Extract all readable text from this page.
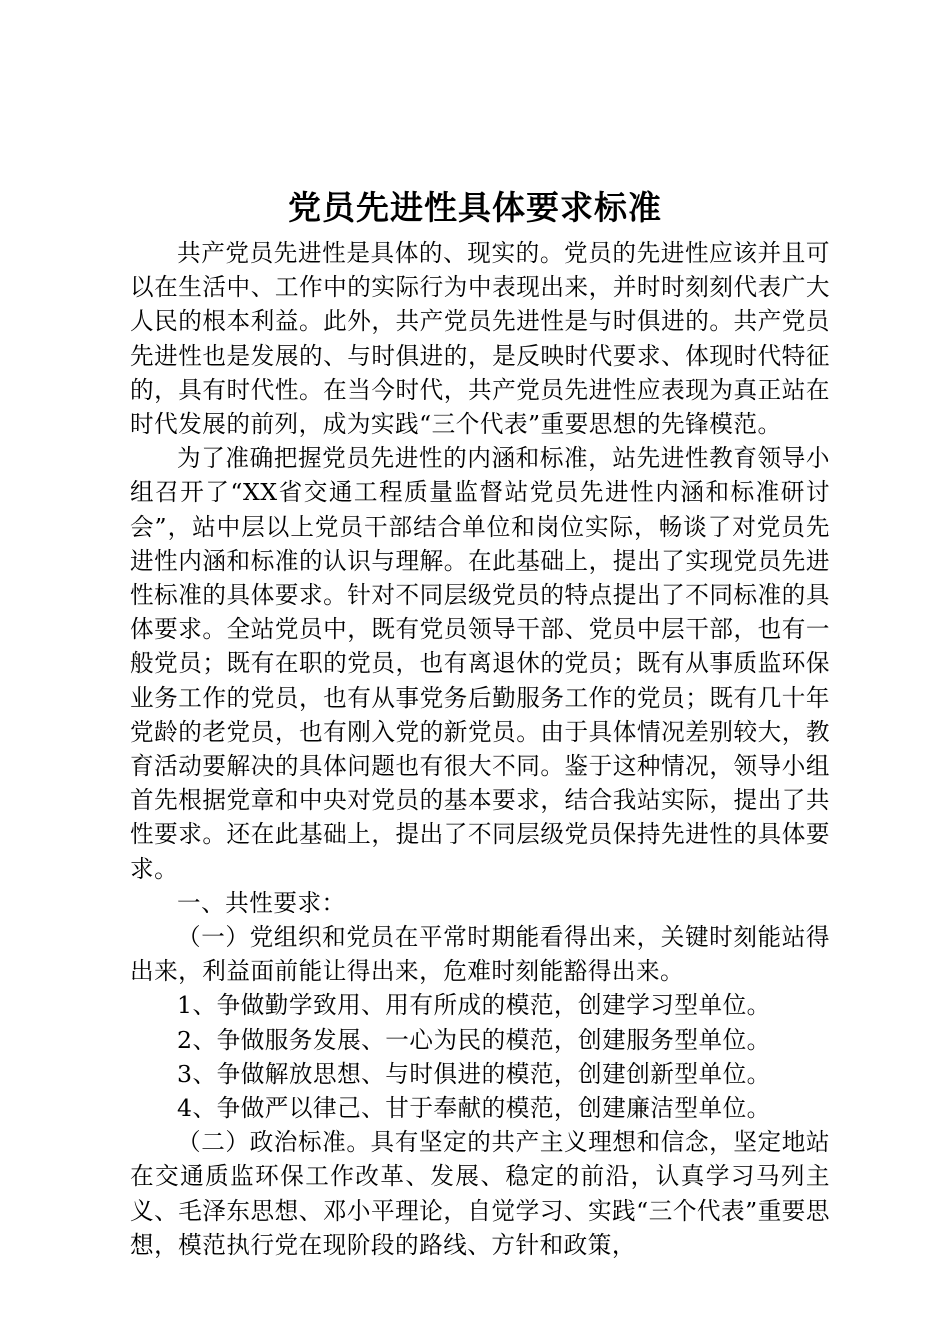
党员先进性具体要求标准

共产党员先进性是具体的、现实的。党员的先进性应该并且可以在生活中、工作中的实际行为中表现出来，并时时刻刻代表广大人民的根本利益。此外，共产党员先进性是与时俱进的。共产党员先进性也是发展的、与时俱进的，是反映时代要求、体现时代特征的，具有时代性。在当今时代，共产党员先进性应表现为真正站在时代发展的前列，成为实践“三个代表”重要思想的先锋模范。

为了准确把握党员先进性的内涵和标准，站先进性教育领导小组召开了“XX省交通工程质量监督站党员先进性内涵和标准研讨会”，站中层以上党员干部结合单位和岗位实际，畅谈了对党员先进性内涵和标准的认识与理解。在此基础上，提出了实现党员先进性标准的具体要求。针对不同层级党员的特点提出了不同标准的具体要求。全站党员中，既有党员领导干部、党员中层干部，也有一般党员；既有在职的党员，也有离退休的党员；既有从事质监环保业务工作的党员，也有从事党务后勤服务工作的党员；既有几十年党龄的老党员，也有刚入党的新党员。由于具体情况差别较大，教育活动要解决的具体问题也有很大不同。鉴于这种情况，领导小组首先根据党章和中央对党员的基本要求，结合我站实际，提出了共性要求。还在此基础上，提出了不同层级党员保持先进性的具体要求。

一、共性要求：

（一）党组织和党员在平常时期能看得出来，关键时刻能站得出来，利益面前能让得出来，危难时刻能豁得出来。

1、争做勤学致用、用有所成的模范，创建学习型单位。

2、争做服务发展、一心为民的模范，创建服务型单位。

3、争做解放思想、与时俱进的模范，创建创新型单位。

4、争做严以律己、甘于奉献的模范，创建廉洁型单位。

（二）政治标准。具有坚定的共产主义理想和信念，坚定地站在交通质监环保工作改革、发展、稳定的前沿，认真学习马列主义、毛泽东思想、邓小平理论，自觉学习、实践“三个代表”重要思想，模范执行党在现阶段的路线、方针和政策，
